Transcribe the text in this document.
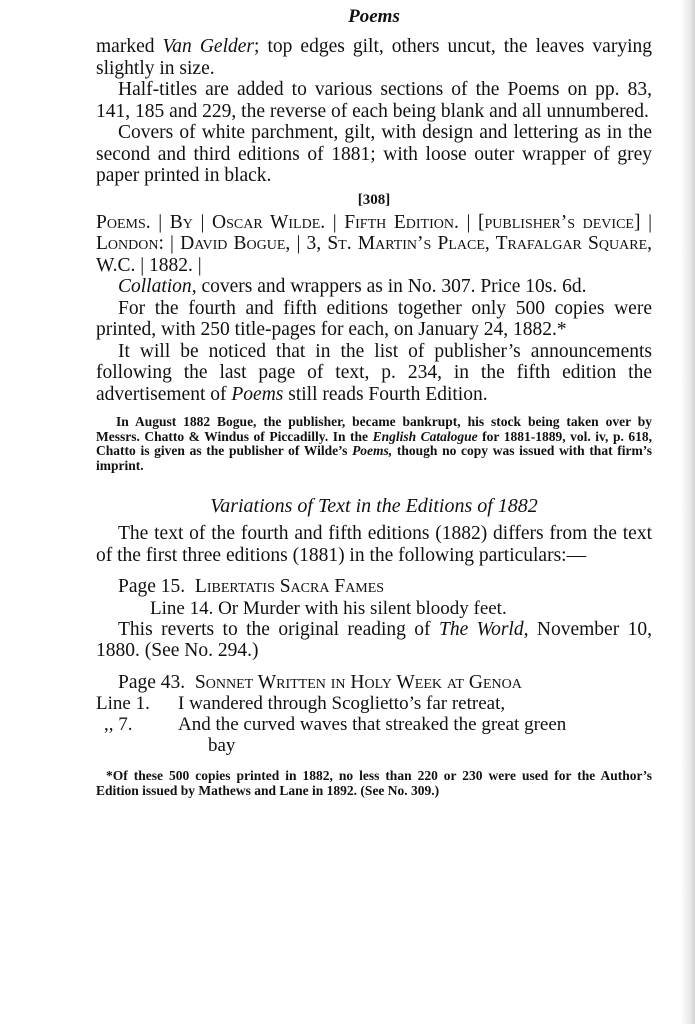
Poems

marked Van Gelder; top edges gilt, others uncut, the leaves varying slightly in size.

Half-titles are added to various sections of the Poems on pp. 83, 141, 185 and 229, the reverse of each being blank and all unnumbered.

Covers of white parchment, gilt, with design and lettering as in the second and third editions of 1881; with loose outer wrapper of grey paper printed in black.

[308]

Poems. | By | Oscar Wilde. | Fifth Edition. | [publisher’s device] | London: | David Bogue, | 3, St. Martin’s Place, Trafalgar Square, W.C. | 1882. |

Collation, covers and wrappers as in No. 307. Price 10s. 6d.

For the fourth and fifth editions together only 500 copies were printed, with 250 title-pages for each, on January 24, 1882.*

It will be noticed that in the list of publisher’s announcements following the last page of text, p. 234, in the fifth edition the advertisement of Poems still reads Fourth Edition.

In August 1882 Bogue, the publisher, became bankrupt, his stock being taken over by Messrs. Chatto & Windus of Piccadilly. In the English Catalogue for 1881-1889, vol. iv, p. 618, Chatto is given as the publisher of Wilde’s Poems, though no copy was issued with that firm’s imprint.

Variations of Text in the Editions of 1882

The text of the fourth and fifth editions (1882) differs from the text of the first three editions (1881) in the following particulars:—

Page 15. Libertatis Sacra Fames

Line 14. Or Murder with his silent bloody feet.

This reverts to the original reading of The World, November 10, 1880. (See No. 294.)

Page 43. Sonnet Written in Holy Week at Genoa

Line 1.	I wandered through Scoglietto’s far retreat,
,, 7.	And the curved waves that streaked the great green
bay

*Of these 500 copies printed in 1882, no less than 220 or 230 were used for the Author’s Edition issued by Mathews and Lane in 1892. (See No. 309.)
